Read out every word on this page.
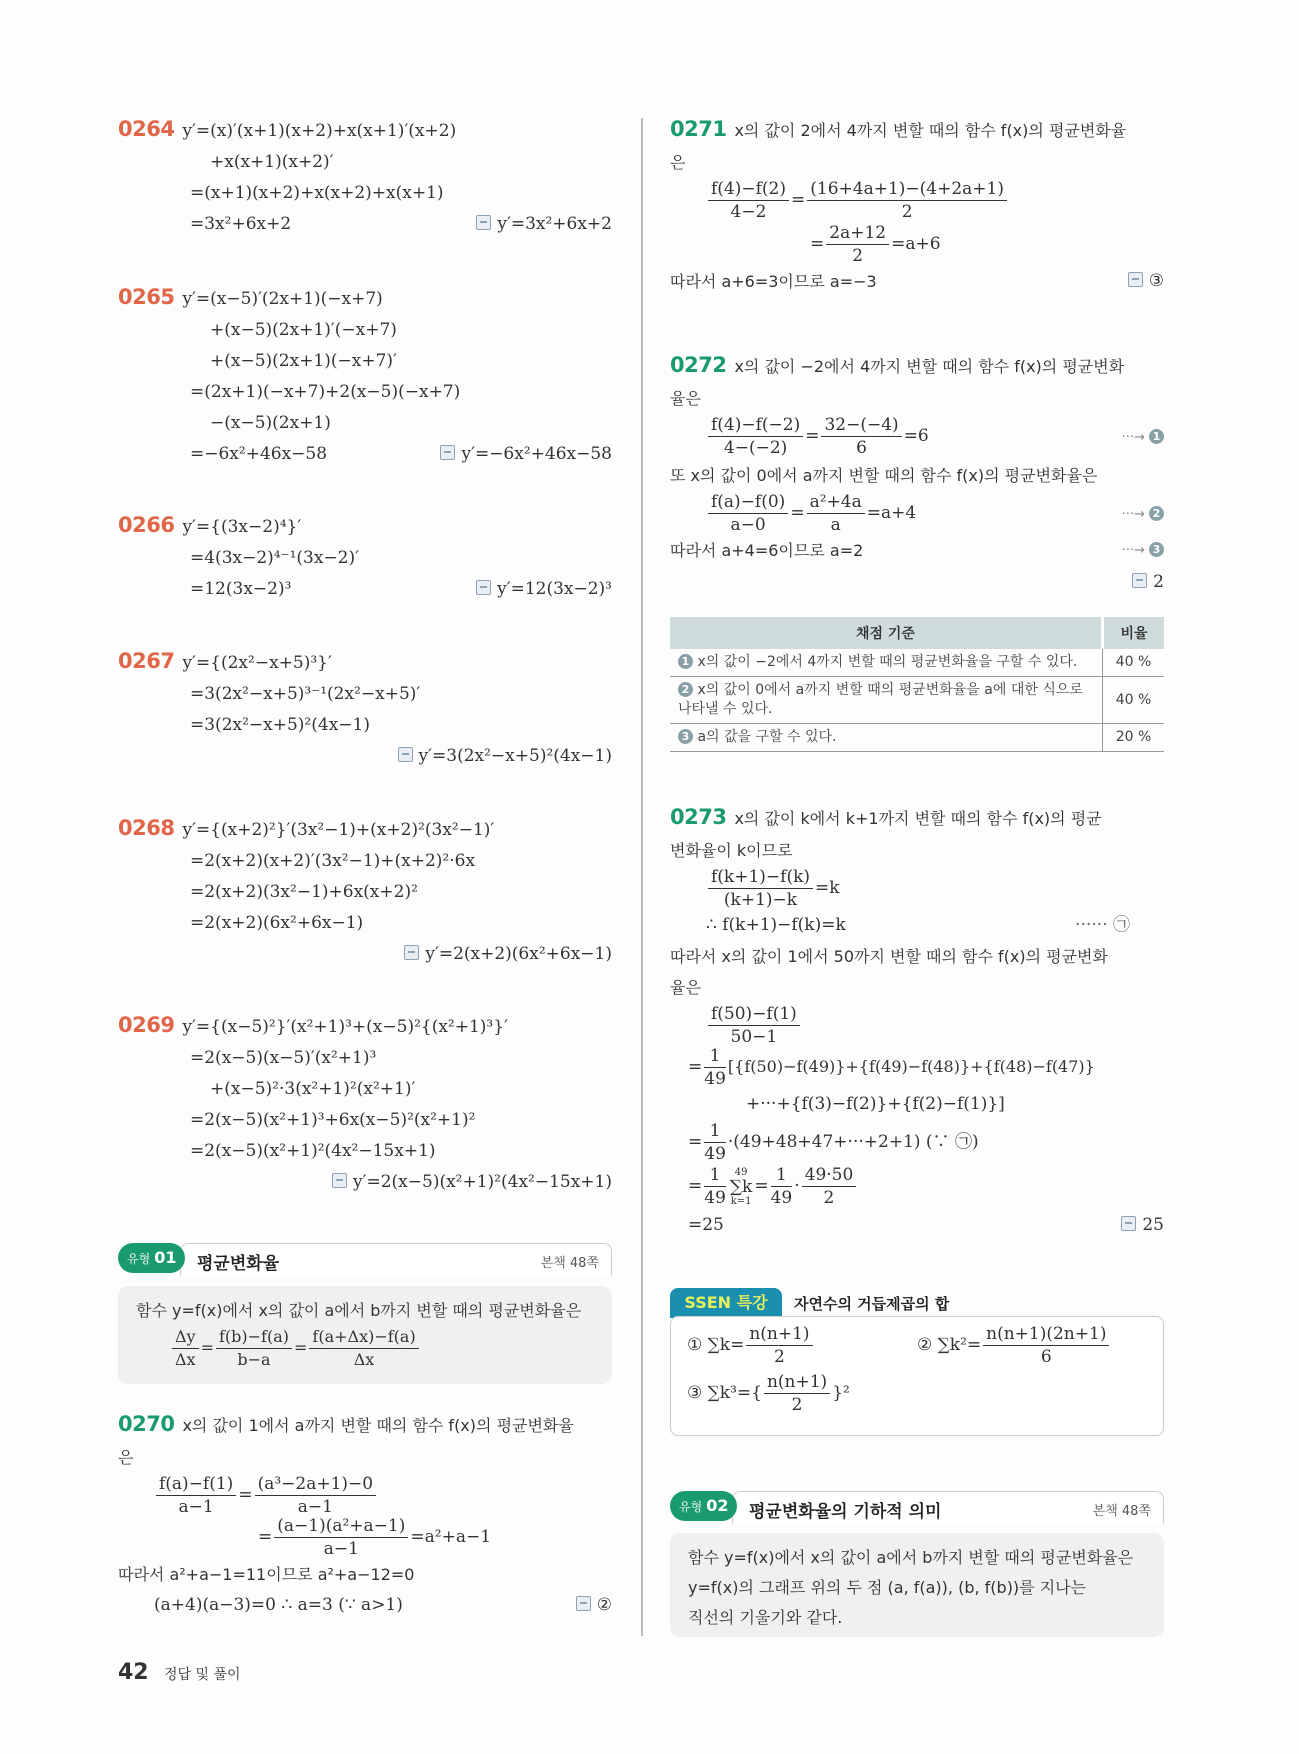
0264 y′=(x)′(x+1)(x+2)+x(x+1)′(x+2)
+x(x+1)(x+2)′
=(x+1)(x+2)+x(x+2)+x(x+1)
=3x²+6x+2	y′=3x²+6x+2
0265 y′=(x−5)′(2x+1)(−x+7)
+(x−5)(2x+1)′(−x+7)
+(x−5)(2x+1)(−x+7)′
=(2x+1)(−x+7)+2(x−5)(−x+7)
−(x−5)(2x+1)
=−6x²+46x−58	y′=−6x²+46x−58
0266 y′={(3x−2)⁴}′
=4(3x−2)⁴⁻¹(3x−2)′
=12(3x−2)³	y′=12(3x−2)³
0267 y′={(2x²−x+5)³}′
=3(2x²−x+5)³⁻¹(2x²−x+5)′
=3(2x²−x+5)²(4x−1)
y′=3(2x²−x+5)²(4x−1)
0268 y′={(x+2)²}′(3x²−1)+(x+2)²(3x²−1)′
=2(x+2)(x+2)′(3x²−1)+(x+2)²·6x
=2(x+2)(3x²−1)+6x(x+2)²
=2(x+2)(6x²+6x−1)
y′=2(x+2)(6x²+6x−1)
0269 y′={(x−5)²}′(x²+1)³+(x−5)²{(x²+1)³}′
=2(x−5)(x−5)′(x²+1)³
+(x−5)²·3(x²+1)²(x²+1)′
=2(x−5)(x²+1)³+6x(x−5)²(x²+1)²
=2(x−5)(x²+1)²(4x²−15x+1)
y′=2(x−5)(x²+1)²(4x²−15x+1)
평균변화율	본책 48쪽
유형 01
함수 y=f(x)에서 x의 값이 a에서 b까지 변할 때의 평균변화율은
$\frac{\Delta y}{\Delta x} = \frac{f(b)-f(a)}{b-a} = \frac{f(a+\Delta x)-f(a)}{\Delta x}$
0270 x의 값이 1에서 a까지 변할 때의 함수 f(x)의 평균변화율
은
$\frac{f(a)-f(1)}{a-1} = \frac{\text{(a³−2a+1)−0}}{a-1}$
= $\frac{\text{(a−1)(a²+a−1)}}{a-1} =a^2+a-1$
따라서 a²+a−1=11이므로 a²+a−12=0
(a+4)(a−3)=0 ∴ a=3 (∵ a>1)	②
0271 x의 값이 2에서 4까지 변할 때의 함수 f(x)의 평균변화율
은
$\frac{f(4)-f(2)}{4-2} = \frac{(16+4a+1)-(4+2a+1)}{2}$
= $\frac{2a+12}{2} =a+6$
따라서 a+6=3이므로 a=−3	③
0272 x의 값이 −2에서 4까지 변할 때의 함수 f(x)의 평균변화
율은
$\frac{f(4)-f(-2)}{4-(-2)} = \frac{32-(-4)}{6} =6$	···→ 1
또 x의 값이 0에서 a까지 변할 때의 함수 f(x)의 평균변화율은
$\frac{f(a)-f(0)}{a-0} = \frac{\text{a²+4a}}{a} =a+4$	···→ 2
따라서 a+4=6이므로 a=2	···→ 3
2
채점 기준	비율
1 x의 값이 −2에서 4까지 변할 때의 평균변화율을 구할 수 있다.	40 %
2 x의 값이 0에서 a까지 변할 때의 평균변화율을 a에 대한 식으로 나타낼 수 있다.	40 %
3 a의 값을 구할 수 있다.	20 %
0273 x의 값이 k에서 k+1까지 변할 때의 함수 f(x)의 평균
변화율이 k이므로
$\frac{f(k+1)-f(k)}{(k+1)-k} =k$
∴ f(k+1)−f(k)=k	······ ㉠
따라서 x의 값이 1에서 50까지 변할 때의 함수 f(x)의 평균변화
율은
$\frac{f(50)-f(1)}{50-1}$
= $\frac{1}{49} [\{f(50)-f(49)\}+\{f(49)-f(48)\}+\{f(48)-f(47)\}$
+···+{f(3)−f(2)}+{f(2)−f(1)}]
= $\frac{1}{49} \cdot(49+48+47+\cdot\cdot\cdot+2+1)$ (∵ ㉠)
= $\frac{1}{49} 49$
∑k
k=1
= $\frac{1}{49} \cdot \frac{49\cdot 50}{2}$
=25	25
SSEN 특강	자연수의 거듭제곱의 합
① $\sum k= \frac{n(n+1)}{2}$	② $\sum k^2= \frac{n(n+1)(2n+1)}{6}$
③ $\sum k^3=\{ \frac{n(n+1)}{2} \}^2$
평균변화율의 기하적 의미	본책 48쪽
유형 02
함수 y=f(x)에서 x의 값이 a에서 b까지 변할 때의 평균변화율은
y=f(x)의 그래프 위의 두 점 (a, f(a)), (b, f(b))를 지나는
직선의 기울기와 같다.
42 정답 및 풀이
